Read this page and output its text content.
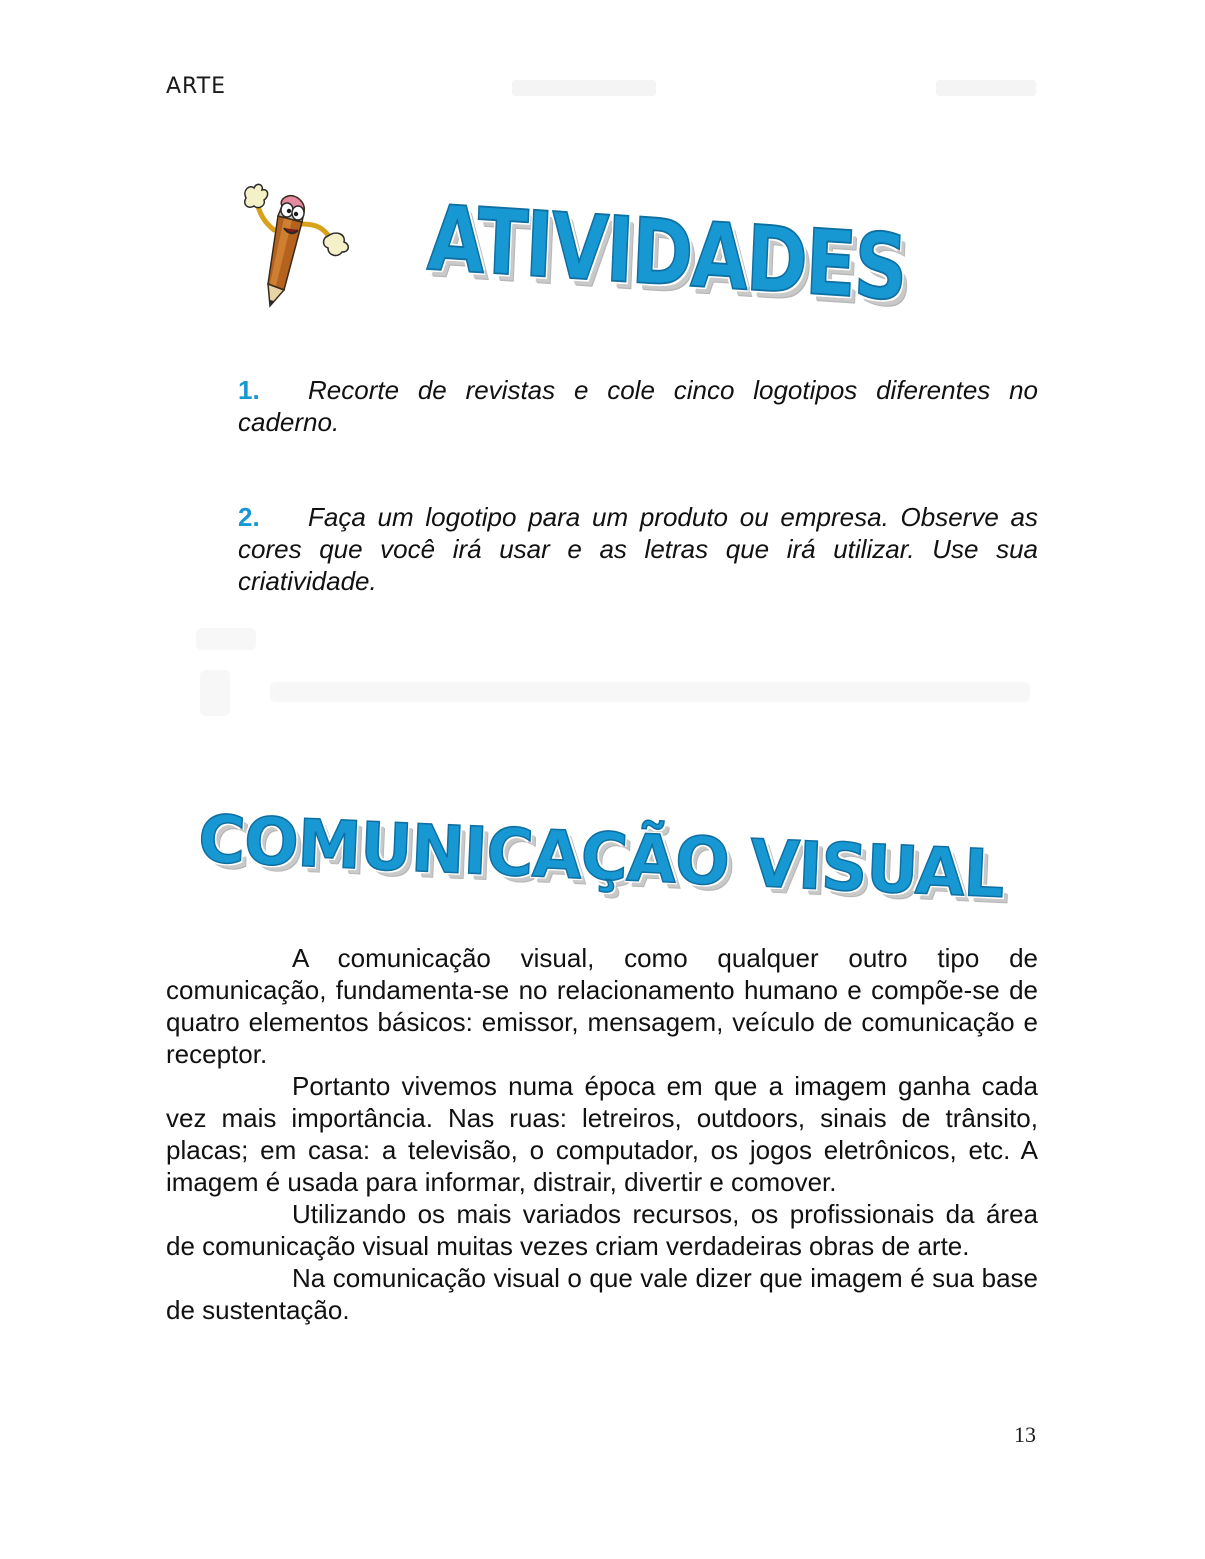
ARTE
ATIVIDADES
1. Recorte de revistas e cole cinco logotipos diferentes no caderno.
2. Faça um logotipo para um produto ou empresa. Observe as cores que você irá usar e as letras que irá utilizar. Use sua criatividade.
COMUNICAÇÃO VISUAL

A comunicação visual, como qualquer outro tipo de comunicação, fundamenta-se no relacionamento humano e compõe-se de quatro elementos básicos: emissor, mensagem, veículo de comunicação e receptor.

Portanto vivemos numa época em que a imagem ganha cada vez mais importância. Nas ruas: letreiros, outdoors, sinais de trânsito, placas; em casa: a televisão, o computador, os jogos eletrônicos, etc. A imagem é usada para informar, distrair, divertir e comover.

Utilizando os mais variados recursos, os profissionais da área de comunicação visual muitas vezes criam verdadeiras obras de arte.

Na comunicação visual o que vale dizer que imagem é sua base de sustentação.

13
